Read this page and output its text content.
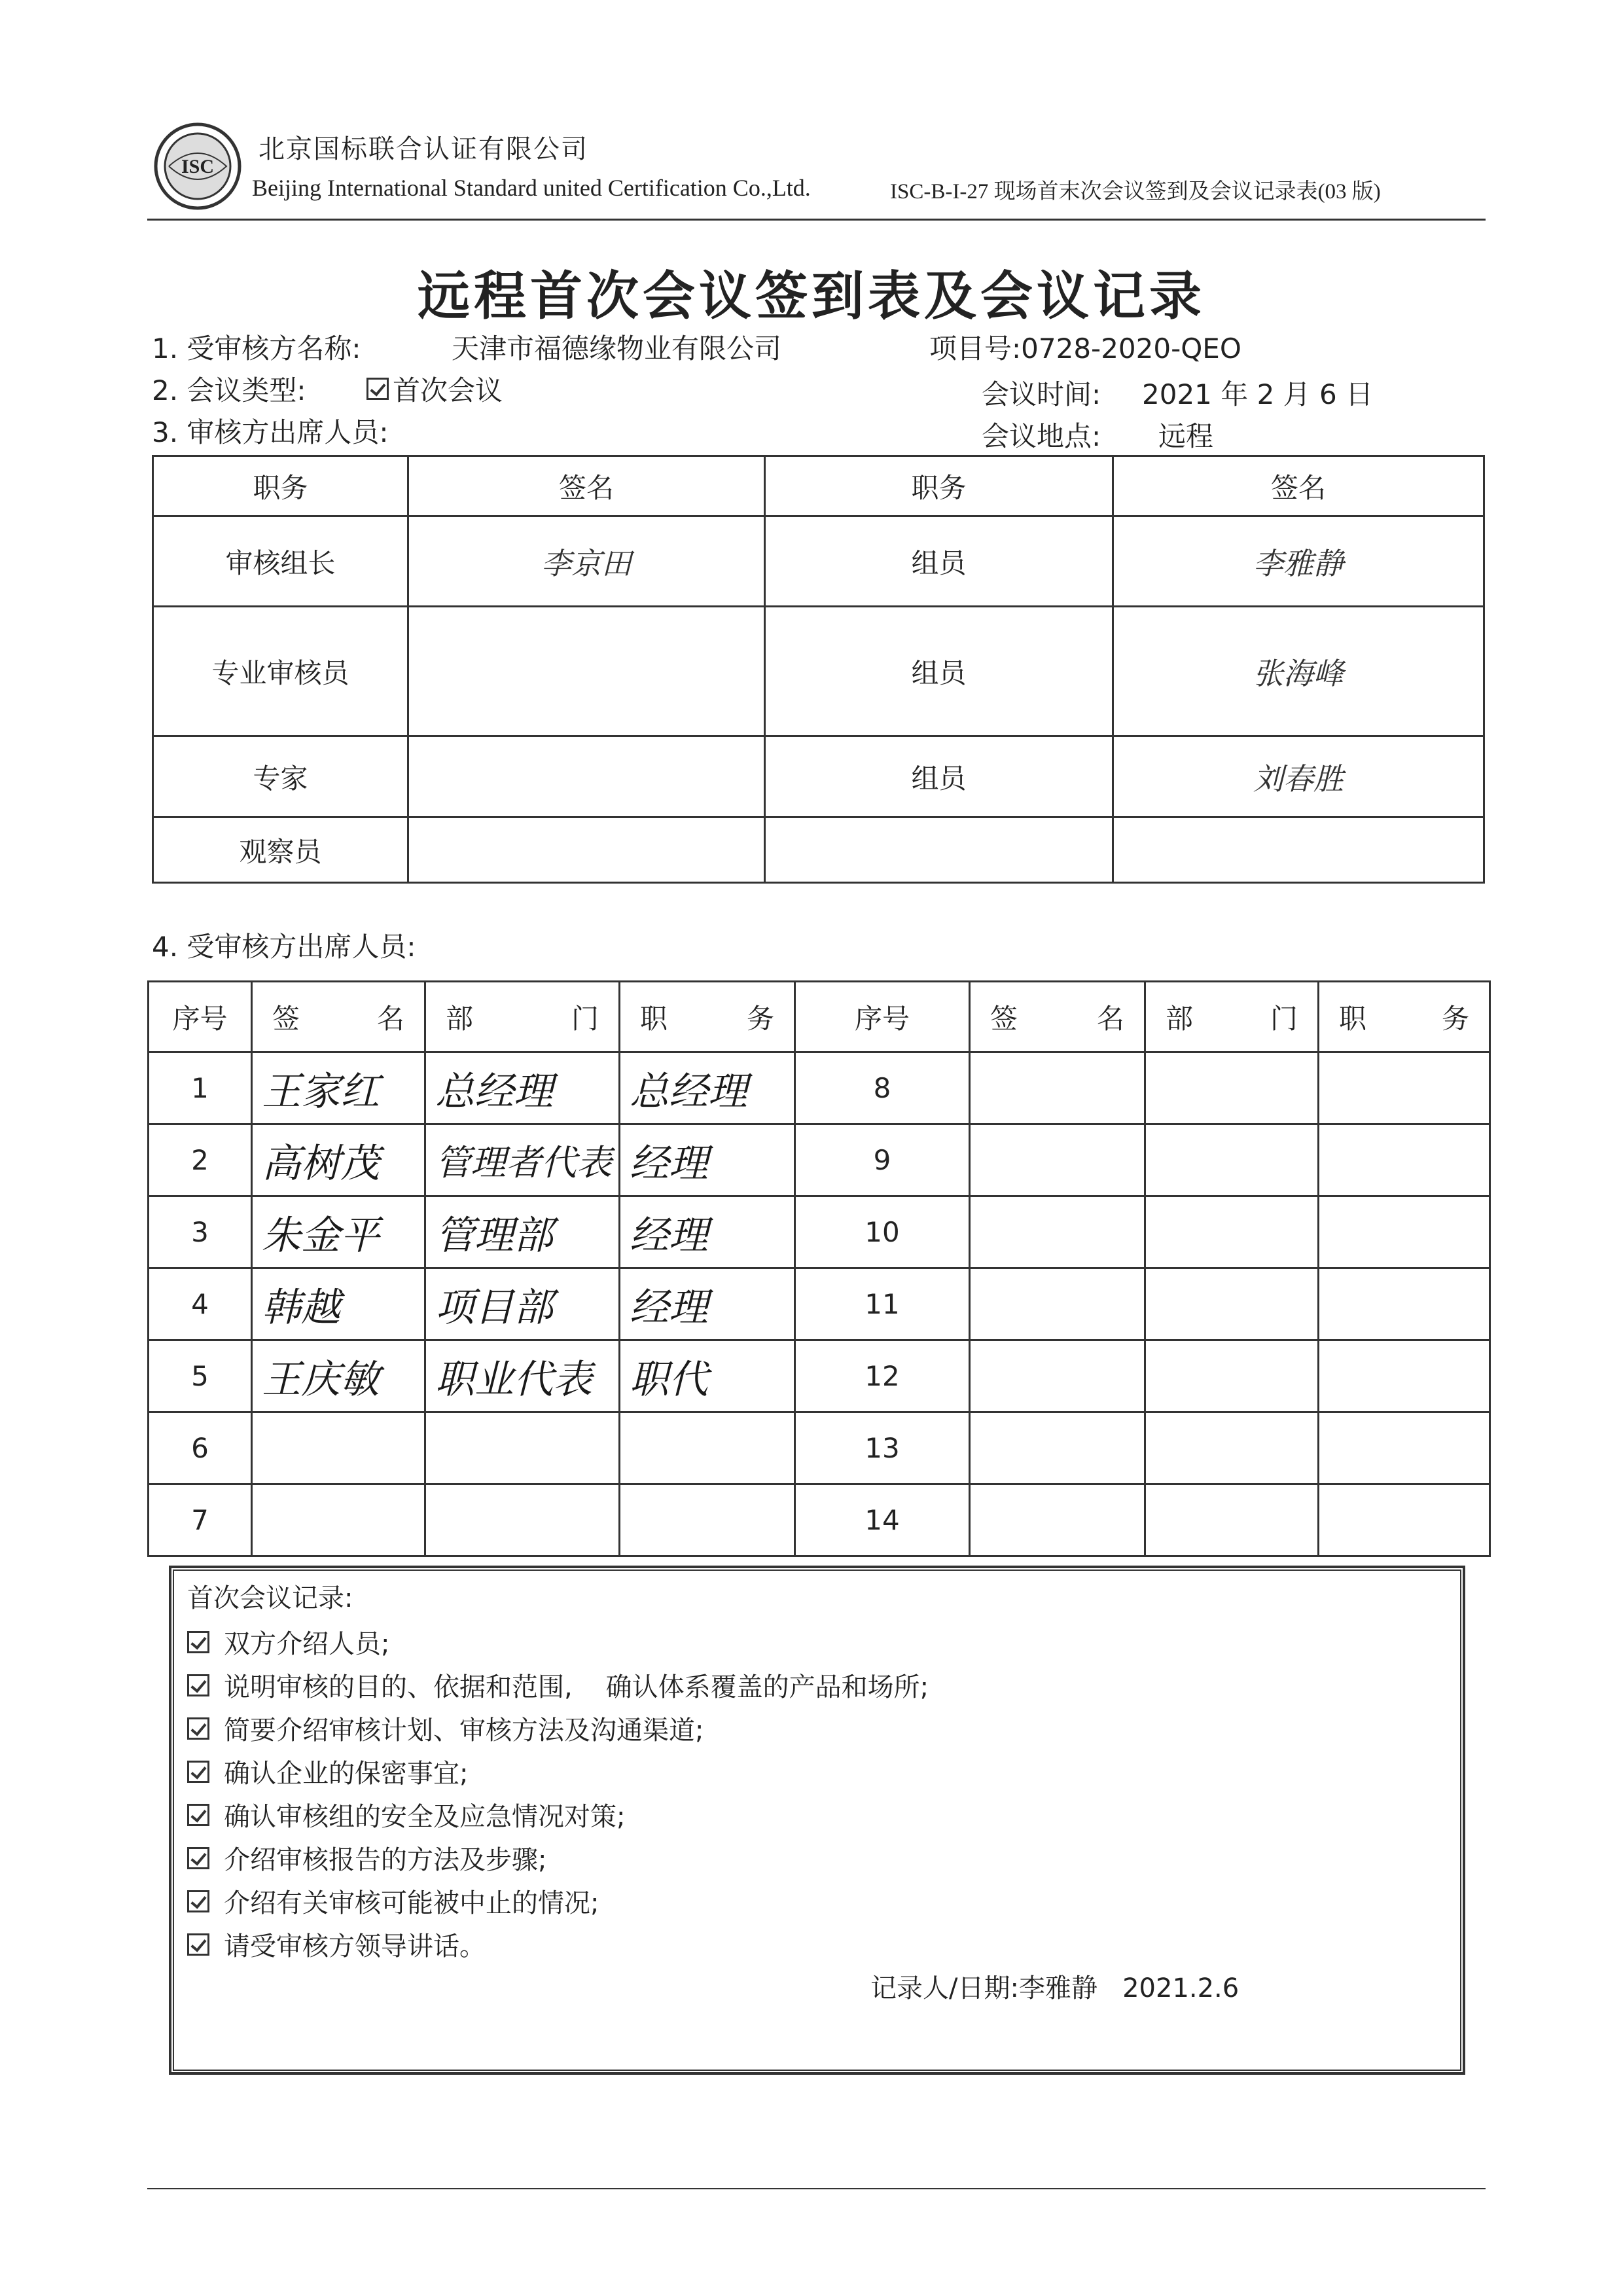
ISC
北京国标联合认证有限公司
Beijing International Standard united Certification Co.,Ltd.	ISC-B-I-27 现场首末次会议签到及会议记录表(03 版)
远程首次会议签到表及会议记录
1. 受审核方名称:	天津市福德缘物业有限公司	项目号:0728-2020-QEO
2. 会议类型:	首次会议	会议时间: 2021 年 2 月 6 日
3. 审核方出席人员:	会议地点: 远程
职务	签名	职务	签名
审核组长	李京田	组员	李雅静
专业审核员		组员	张海峰
专家		组员	刘春胜
观察员			
4. 受审核方出席人员:
序号	签 名	部 门	职 务	序号	签 名	部 门	职 务

1	王家红	总经理	总经理	8			
2	高树茂	管理者代表	经理	9			
3	朱金平	管理部	经理	10			
4	韩越	项目部	经理	11			
5	王庆敏	职业代表	职代	12			
6				13			
7				14			
首次会议记录:
双方介绍人员;
说明审核的目的、依据和范围,    确认体系覆盖的产品和场所;
简要介绍审核计划、审核方法及沟通渠道;
确认企业的保密事宜;
确认审核组的安全及应急情况对策;
介绍审核报告的方法及步骤;
介绍有关审核可能被中止的情况;
请受审核方领导讲话。
记录人/日期:李雅静   2021.2.6
